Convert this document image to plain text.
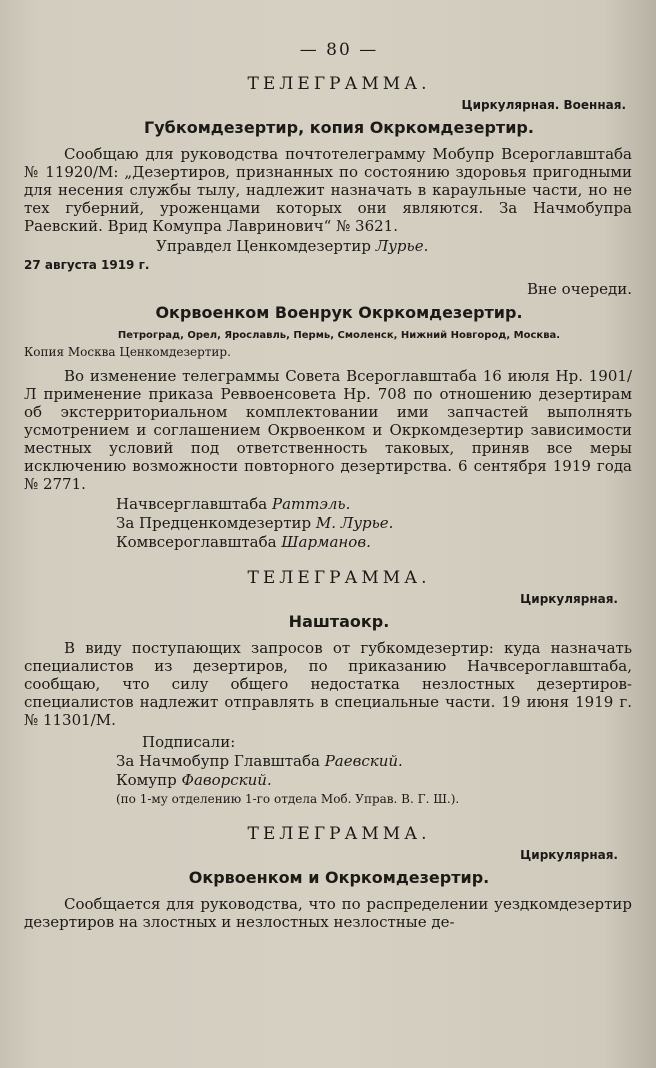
— 80 —
ТЕЛЕГРАММА.
Циркулярная. Военная.
Губкомдезертир, копия Окркомдезертир.

Сообщаю для руководства почтотелеграмму Мобупр Всероглавштаба № 11920/М: „Дезертиров, признанных по состоянию здоровья пригодными для несения службы тылу, надлежит назначать в караульные части, но не тех губерний, уроженцами которых они являются. За Начмобупра Раевский. Врид Комупра Лавринович“ № 3621.

Управдел Ценкомдезертир Лурье.
27 августа 1919 г.
Вне очереди.
Окрвоенком Военрук Окркомдезертир.
Петроград, Орел, Ярославль, Пермь, Смоленск, Нижний Новгород, Москва.
Копия Москва Ценкомдезертир.

Во изменение телеграммы Совета Всероглавштаба 16 июля Нр. 1901/Л применение приказа Реввоенсовета Нр. 708 по отношению дезертирам об экстерриториальном комплектовании ими запчастей выполнять усмотрением и соглашением Окрвоенком и Окркомдезертир зависимости местных условий под ответственность таковых, приняв все меры исключению возможности повторного дезертирства. 6 сентября 1919 года № 2771.

Начвсерглавштаба Раттэль.
За Предценкомдезертир М. Лурье.
Комвсероглавштаба Шарманов.
ТЕЛЕГРАММА.
Циркулярная.
Наштаокр.

В виду поступающих запросов от губкомдезертир: куда назначать специалистов из дезертиров, по приказанию Начвсероглавштаба, сообщаю, что силу общего недостатка незлостных дезертиров-специалистов надлежит отправлять в специальные части. 19 июня 1919 г. № 11301/М.

Подписали:
За Начмобупр Главштаба Раевский.
Комупр Фаворский.
(по 1-му отделению 1-го отдела Моб. Управ. В. Г. Ш.).
ТЕЛЕГРАММА.
Циркулярная.
Окрвоенком и Окркомдезертир.

Сообщается для руководства, что по распределении уездкомдезертир дезертиров на злостных и незлостных незлостные де-
